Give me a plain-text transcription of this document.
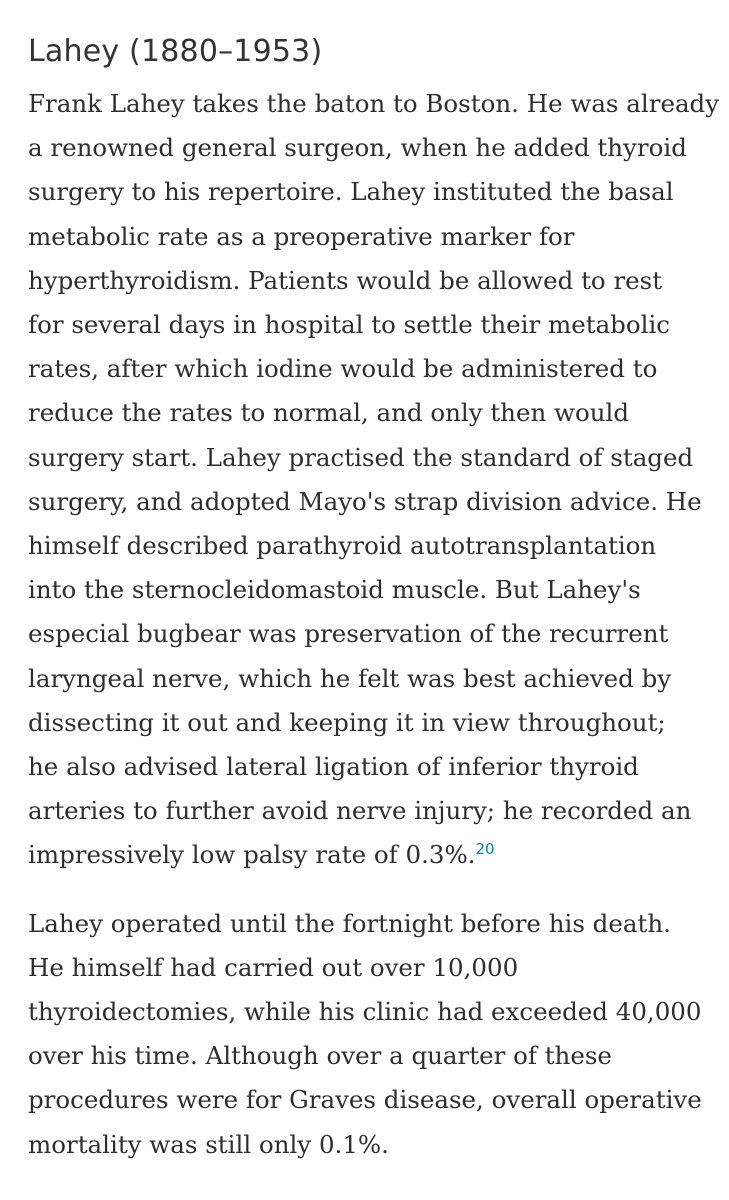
Lahey (1880–1953)

Frank Lahey takes the baton to Boston. He was already
a renowned general surgeon, when he added thyroid
surgery to his repertoire. Lahey instituted the basal
metabolic rate as a preoperative marker for
hyperthyroidism. Patients would be allowed to rest
for several days in hospital to settle their metabolic
rates, after which iodine would be administered to
reduce the rates to normal, and only then would
surgery start. Lahey practised the standard of staged
surgery, and adopted Mayo's strap division advice. He
himself described parathyroid autotransplantation
into the sternocleidomastoid muscle. But Lahey's
especial bugbear was preservation of the recurrent
laryngeal nerve, which he felt was best achieved by
dissecting it out and keeping it in view throughout;
he also advised lateral ligation of inferior thyroid
arteries to further avoid nerve injury; he recorded an
impressively low palsy rate of 0.3%.$^{20}$

Lahey operated until the fortnight before his death.
He himself had carried out over 10,000
thyroidectomies, while his clinic had exceeded 40,000
over his time. Although over a quarter of these
procedures were for Graves disease, overall operative
mortality was still only 0.1%.
